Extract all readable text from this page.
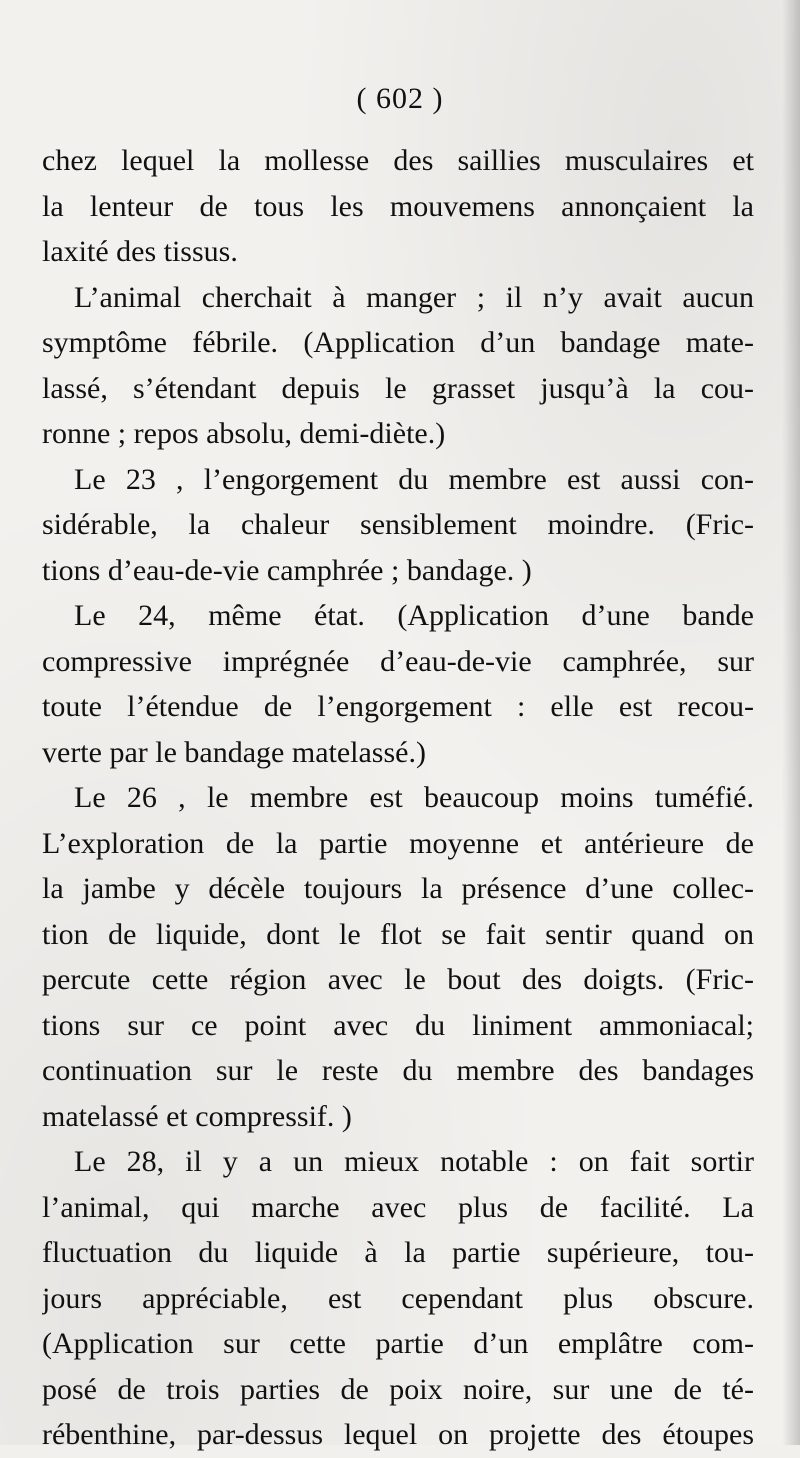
( 602 )
chez lequel la mollesse des saillies musculaires et
la lenteur de tous les mouvemens annonçaient la
laxité des tissus.
L’animal cherchait à manger ; il n’y avait aucun
symptôme fébrile. (Application d’un bandage mate-
lassé, s’étendant depuis le grasset jusqu’à la cou-
ronne ; repos absolu, demi-diète.)
Le 23 , l’engorgement du membre est aussi con-
sidérable, la chaleur sensiblement moindre. (Fric-
tions d’eau-de-vie camphrée ; bandage. )
Le 24, même état. (Application d’une bande
compressive imprégnée d’eau-de-vie camphrée, sur
toute l’étendue de l’engorgement : elle est recou-
verte par le bandage matelassé.)
Le 26 , le membre est beaucoup moins tuméfié.
L’exploration de la partie moyenne et antérieure de
la jambe y décèle toujours la présence d’une collec-
tion de liquide, dont le flot se fait sentir quand on
percute cette région avec le bout des doigts. (Fric-
tions sur ce point avec du liniment ammoniacal;
continuation sur le reste du membre des bandages
matelassé et compressif. )
Le 28, il y a un mieux notable : on fait sortir
l’animal, qui marche avec plus de facilité. La
fluctuation du liquide à la partie supérieure, tou-
jours appréciable, est cependant plus obscure.
(Application sur cette partie d’un emplâtre com-
posé de trois parties de poix noire, sur une de té-
rébenthine, par-dessus lequel on projette des étoupes
